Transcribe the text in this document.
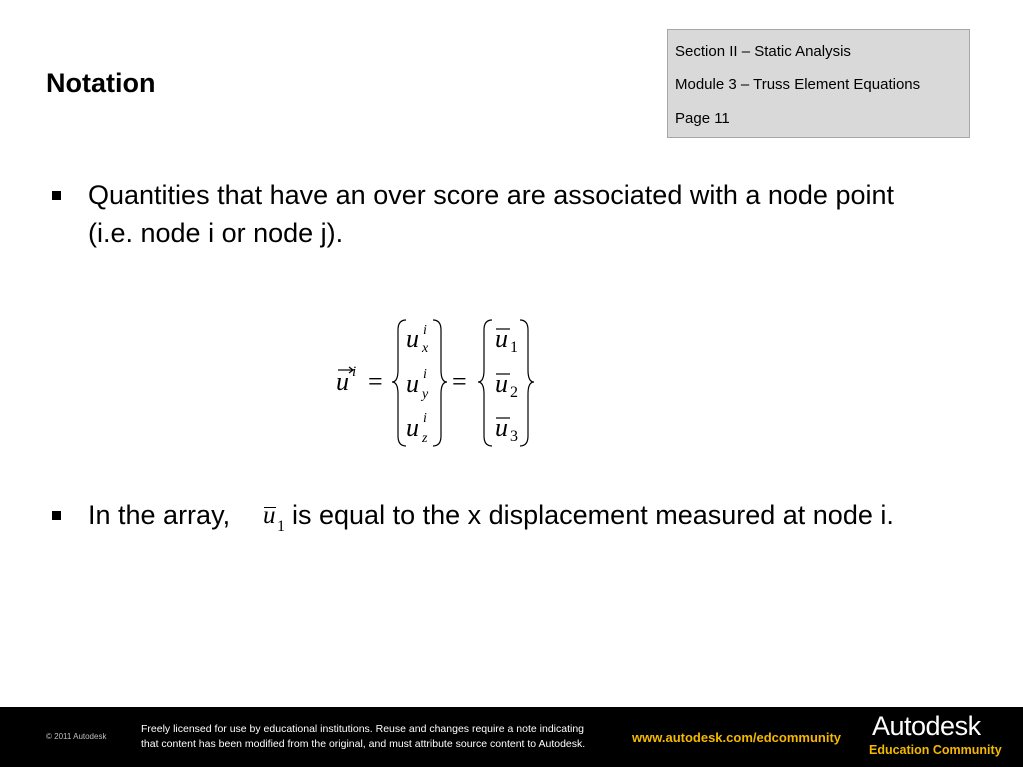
Notation
Section II – Static Analysis
Module 3 – Truss Element Equations
Page 11
Quantities that have an over score are associated with a node point
(i.e. node i or node j).
u i =
u i
x
u i
y
u i
z
=
u 1
u 2
u 3
In the array, u 1 is equal to the x displacement measured at node i.
© 2011 Autodesk
Freely licensed for use by educational institutions. Reuse and changes require a note indicating
that content has been modified from the original, and must attribute source content to Autodesk.	www.autodesk.com/edcommunity Autodesk
Education Community
